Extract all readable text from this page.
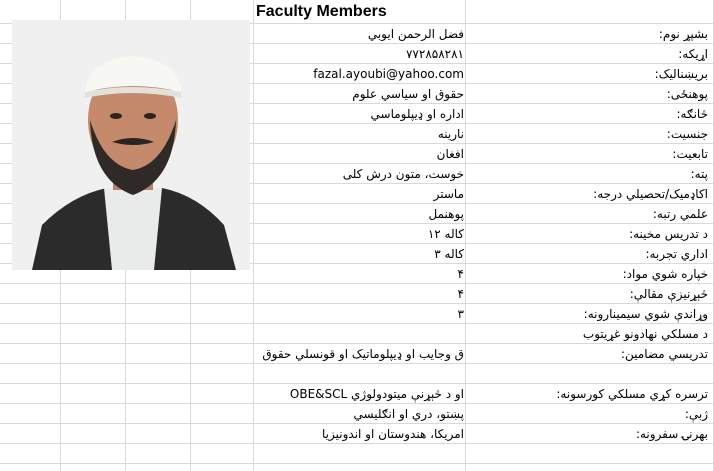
Faculty Members
فضل الرحمن ایوبي	بشپړ نوم:
۷۷۲۸۵۸۲۸۱	اړیکه:
fazal.ayoubi@yahoo.com	بریښنالیک:
حقوق او سیاسي علوم	پوهنځی:
اداره او ډیپلوماسي	څانګه:
نارینه	جنسیت:
افغان	تابعیت:
خوست، متون درش کلی	پته:
ماستر	اکاډمیک/تحصیلي درجه:
پوهنمل	علمي رتبه:
کاله ۱۲	د تدریس مخینه:
کاله ۳	اداري تجربه:
۴	خپاره شوي مواد:
۴	څېړنيزې مقالې:
۳	وړاندې شوي سيمينارونه:
د مسلکي نهادونو غړيتوب
ق وجایب او ډیپلوماتیک او قونسلي حقوق	تدريسي مضامين:
OBE&SCL او د څېړنې میتودولوژي	ترسره کړي مسلکي کورسونه:
پښتو، دري او انګلیسي	ژبې:
امریکا، هندوستان او اندونیزیا	بهرنۍ سفرونه:
